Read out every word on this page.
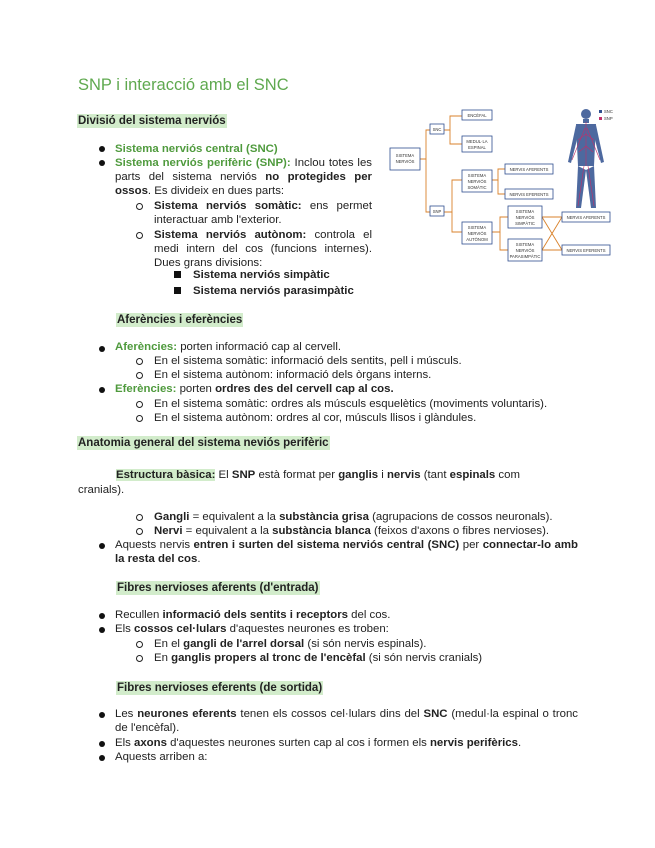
SNP i interacció amb el SNC
Divisió del sistema nerviós
Sistema nerviós central (SNC)
Sistema nerviós perifèric (SNP): Inclou totes les parts del sistema nerviós no protegides per ossos. Es divideix en dues parts:
Sistema nerviós somàtic: ens permet interactuar amb l'exterior.
Sistema nerviós autònom: controla el medi intern del cos (funcions internes). Dues grans divisions:
Sistema nerviós simpàtic
Sistema nerviós parasimpàtic
SISTEMA
NERVIÓS
SNC
ENCÈFAL
MEDUL·LA
ESPINAL
SNP
SISTEMA
NERVIÓS
SOMÀTIC
SISTEMA
NERVIÓS
AUTÒNOM
NERVIS AFERENTS
NERVIS EFERENTS
SISTEMA
NERVIÓS
SIMPÀTIC
SISTEMA
NERVIÓS
PARASIMPÀTIC
NERVIS AFERENTS
NERVIS EFERENTS
SNC
SNP
Aferències i eferències
Aferències: porten informació cap al cervell.
En el sistema somàtic: informació dels sentits, pell i músculs.
En el sistema autònom: informació dels òrgans interns.
Eferències: porten ordres des del cervell cap al cos.
En el sistema somàtic: ordres als músculs esquelètics (moviments voluntaris).
En el sistema autònom: ordres al cor, músculs llisos i glàndules.
Anatomia general del sistema neviós perifèric
Estructura bàsica: El SNP està format per ganglis i nervis (tant espinals com
cranials).
Gangli = equivalent a la substància grisa (agrupacions de cossos neuronals).
Nervi = equivalent a la substància blanca (feixos d'axons o fibres nervioses).
Aquests nervis entren i surten del sistema nerviós central (SNC) per connectar-lo amb la resta del cos.
Fibres nervioses aferents (d'entrada)
Recullen informació dels sentits i receptors del cos.
Els cossos cel·lulars d'aquestes neurones es troben:
En el gangli de l'arrel dorsal (si són nervis espinals).
En ganglis propers al tronc de l'encèfal (si són nervis cranials)
Fibres nervioses eferents (de sortida)
Les neurones eferents tenen els cossos cel·lulars dins del SNC (medul·la espinal o tronc de l'encèfal).
Els axons d'aquestes neurones surten cap al cos i formen els nervis perifèrics.
Aquests arriben a:
